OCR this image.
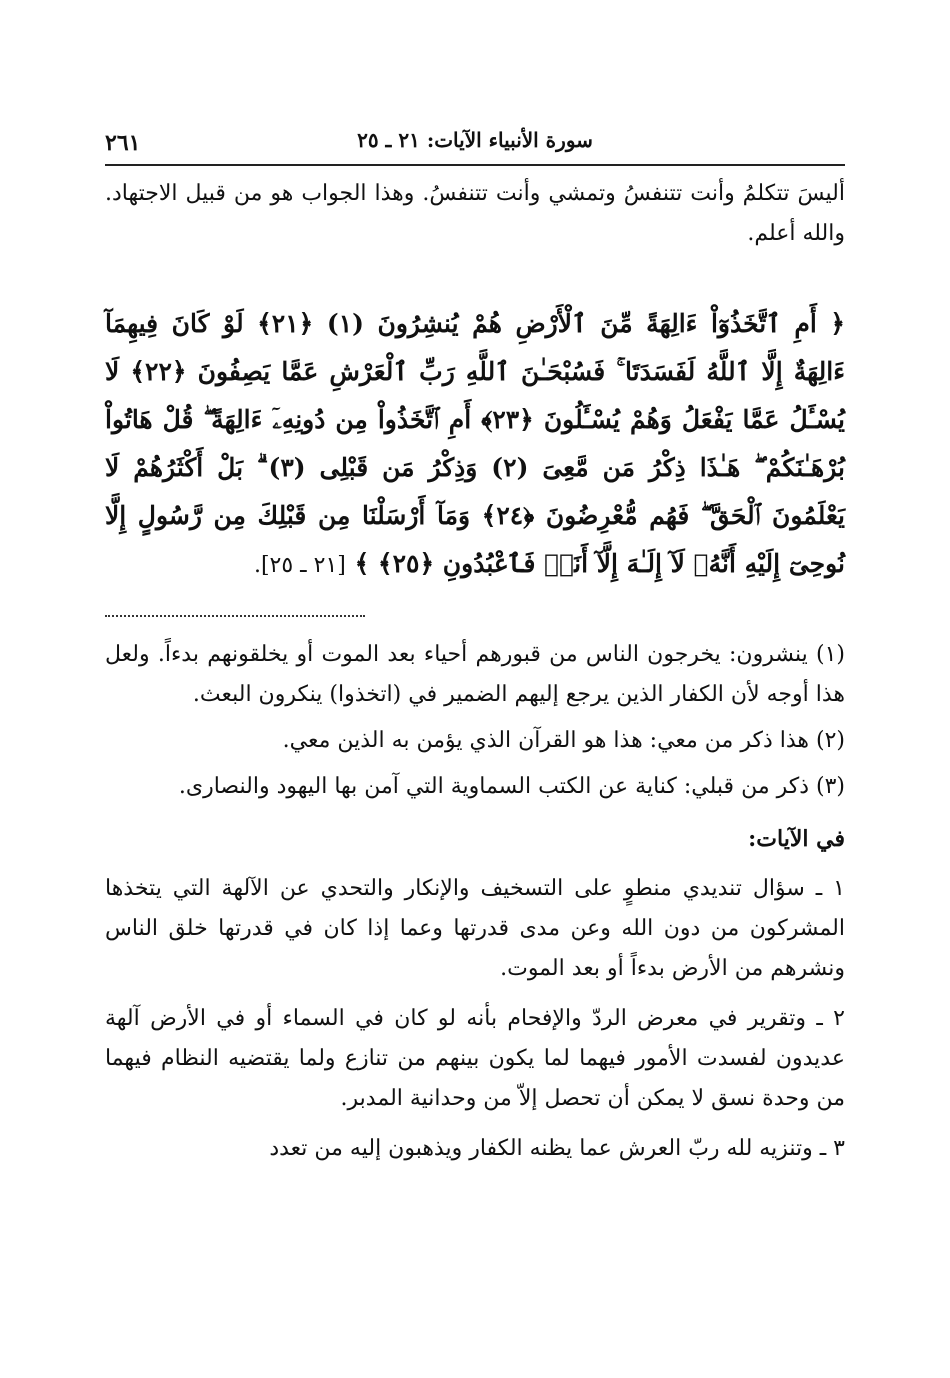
سورة الأنبياء الآيات: ٢١ ـ ٢٥
٢٦١

أليسَ تتكلمُ وأنت تتنفسُ وتمشي وأنت تتنفسُ. وهذا الجواب هو من قبيل الاجتهاد. والله أعلم.

﴿ أَمِ ٱتَّخَذُوٓاْ ءَالِهَةً مِّنَ ٱلْأَرْضِ هُمْ يُنشِرُونَ (١) ﴿٢١﴾ لَوْ كَانَ فِيهِمَآ ءَالِهَةٌ إِلَّا ٱللَّهُ لَفَسَدَتَا ۚ فَسُبْحَـٰنَ ٱللَّهِ رَبِّ ٱلْعَرْشِ عَمَّا يَصِفُونَ ﴿٢٢﴾ لَا يُسْـَٔلُ عَمَّا يَفْعَلُ وَهُمْ يُسْـَٔلُونَ ﴿٢٣﴾ أَمِ ٱتَّخَذُواْ مِن دُونِهِۦٓ ءَالِهَةً ۖ قُلْ هَاتُواْ بُرْهَـٰنَكُمْ ۖ هَـٰذَا ذِكْرُ مَن مَّعِىَ (٢) وَذِكْرُ مَن قَبْلِى (٣) ۗ بَلْ أَكْثَرُهُمْ لَا يَعْلَمُونَ ٱلْحَقَّ ۖ فَهُم مُّعْرِضُونَ ﴿٢٤﴾ وَمَآ أَرْسَلْنَا مِن قَبْلِكَ مِن رَّسُولٍ إِلَّا نُوحِىٓ إِلَيْهِ أَنَّهُۥ لَآ إِلَـٰهَ إِلَّآ أَنَا۠ فَٱعْبُدُونِ ﴿٢٥﴾ ﴾ [٢١ ـ ٢٥].

(١) ينشرون: يخرجون الناس من قبورهم أحياء بعد الموت أو يخلقونهم بدءاً. ولعل هذا أوجه لأن الكفار الذين يرجع إليهم الضمير في (اتخذوا) ينكرون البعث.

(٢) هذا ذكر من معي: هذا هو القرآن الذي يؤمن به الذين معي.

(٣) ذكر من قبلي: كناية عن الكتب السماوية التي آمن بها اليهود والنصارى.

في الآيات:

١ ـ سؤال تنديدي منطوٍ على التسخيف والإنكار والتحدي عن الآلهة التي يتخذها المشركون من دون الله وعن مدى قدرتها وعما إذا كان في قدرتها خلق الناس ونشرهم من الأرض بدءاً أو بعد الموت.

٢ ـ وتقرير في معرض الردّ والإفحام بأنه لو كان في السماء أو في الأرض آلهة عديدون لفسدت الأمور فيهما لما يكون بينهم من تنازع ولما يقتضيه النظام فيهما من وحدة نسق لا يمكن أن تحصل إلاّ من وحدانية المدبر.

٣ ـ وتنزيه لله ربّ العرش عما يظنه الكفار ويذهبون إليه من تعدد
